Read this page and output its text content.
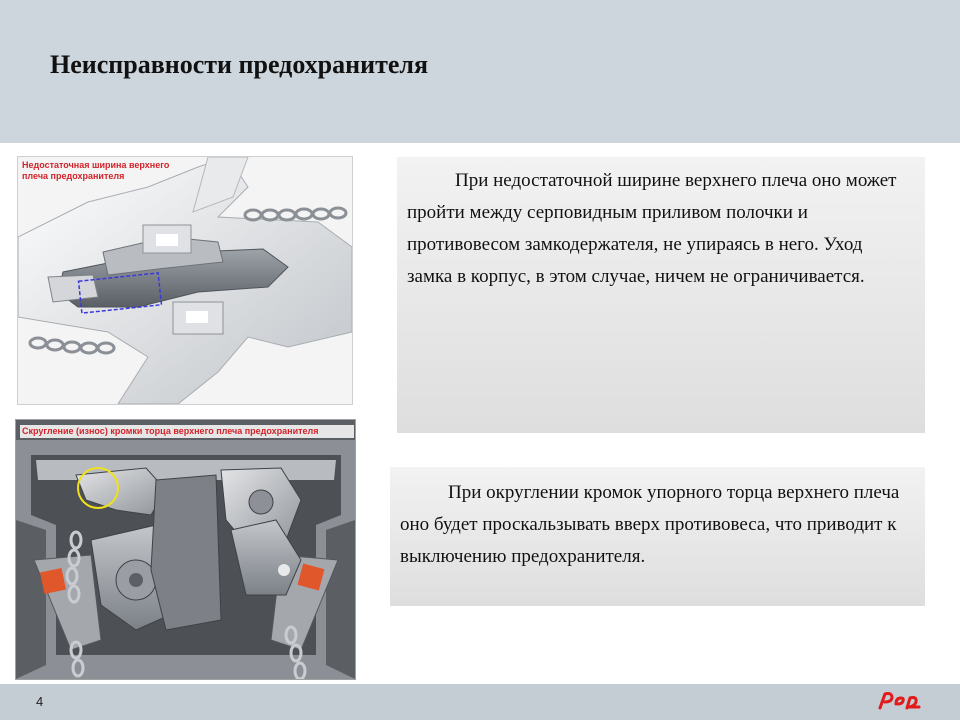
Неисправности предохранителя
Недостаточная ширина верхнего плеча предохранителя
Скругление (износ) кромки торца верхнего плеча предохранителя

При недостаточной ширине верхнего плеча оно может пройти между серповидным приливом полочки и противовесом замкодержателя, не упираясь в него. Уход замка в корпус, в этом случае, ничем не ограничивается.

При округлении кромок упорного торца верхнего плеча оно будет проскальзывать вверх противовеса, что приводит к выключению предохранителя.

4
